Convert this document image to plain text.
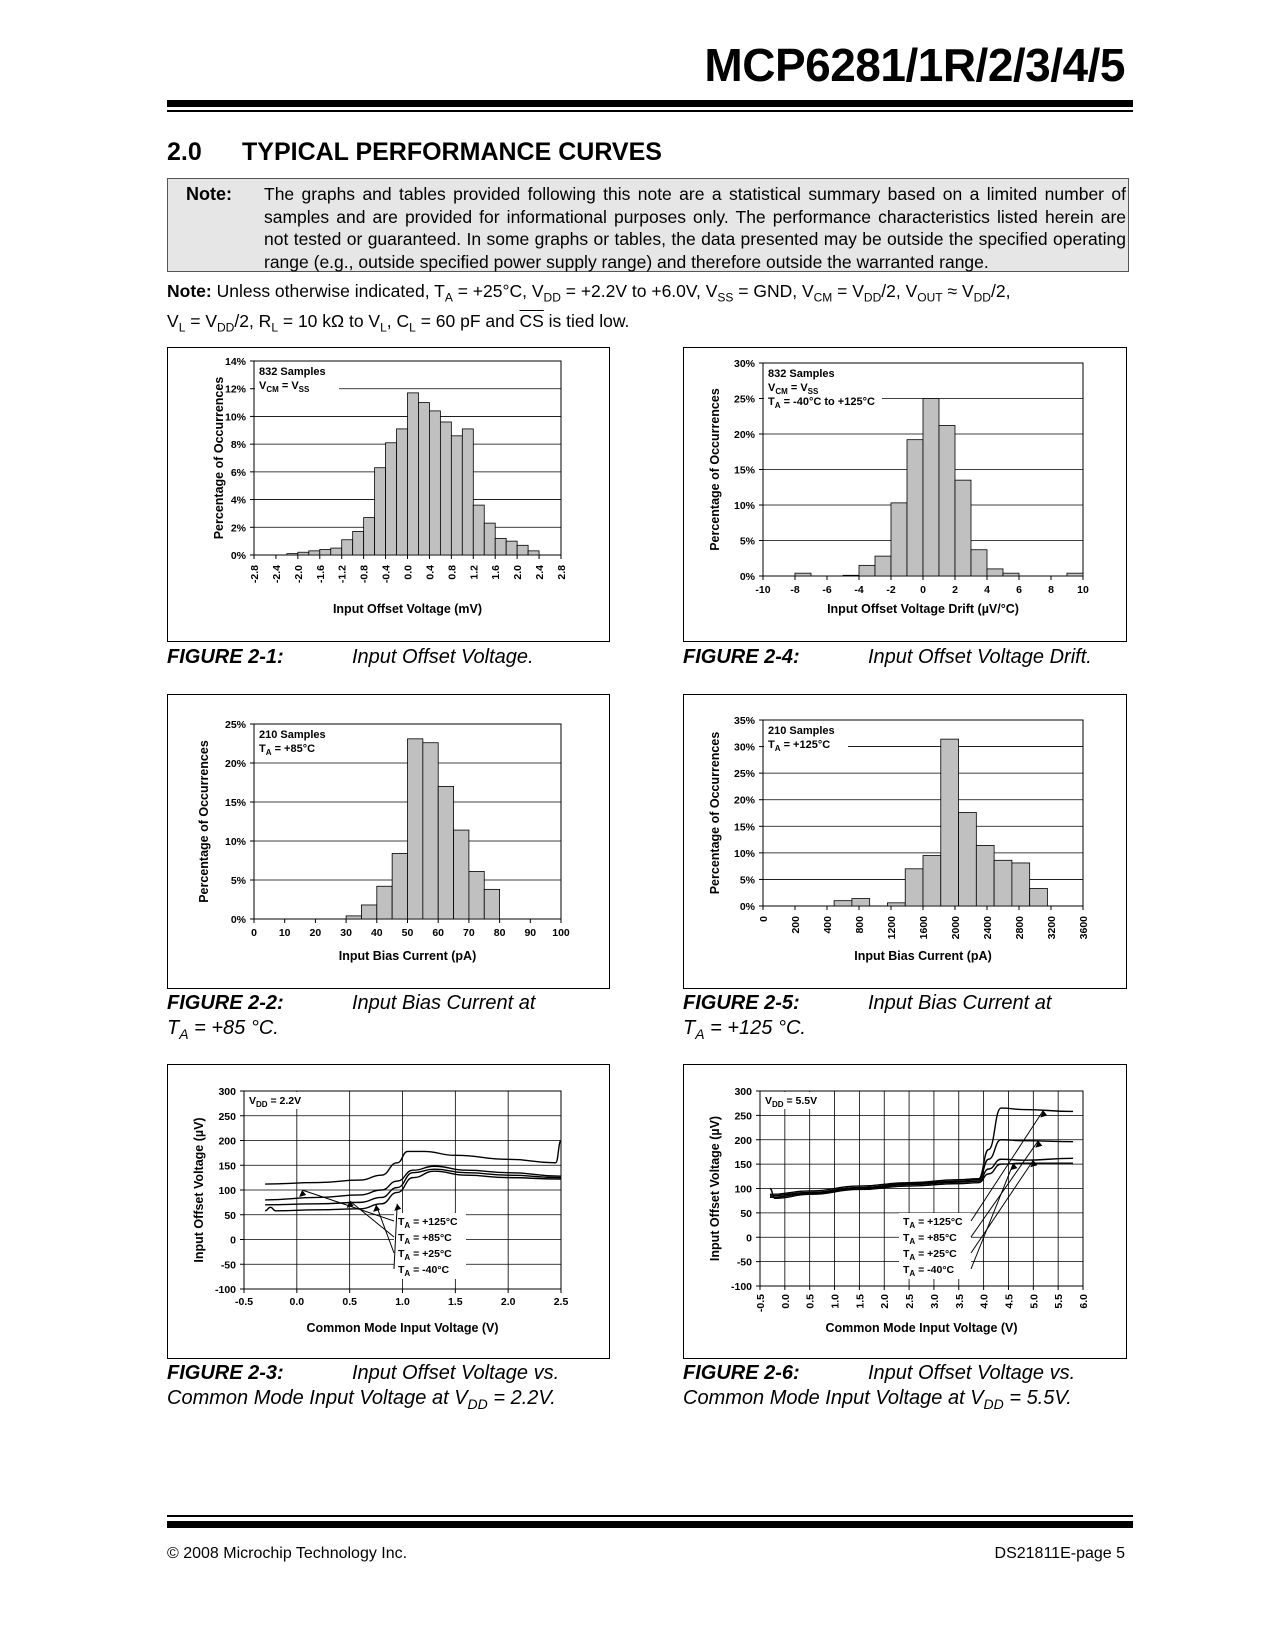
MCP6281/1R/2/3/4/5
2.0 TYPICAL PERFORMANCE CURVES
Note: The graphs and tables provided following this note are a statistical summary based on a limited number of samples and are provided for informational purposes only. The performance characteristics listed herein are not tested or guaranteed. In some graphs or tables, the data presented may be outside the specified operating range (e.g., outside specified power supply range) and therefore outside the warranted range.
Note: Unless otherwise indicated, $T_A = +25^\circ C$, $V_{DD} = +2.2V$ to +6.0V, $V_{SS}$ = GND, $V_{CM} = V_{DD}/2$, $V_{OUT} \approx V_{DD}/2$,
$V_L = V_{DD}/2$, $R_L = 10$ kΩ to $V_L$, $C_L = 60$ pF and $\overline{CS}$ is tied low.
0%
2%
4%
6%
8%
10%
12%
14%
-2.8 -2.4 -2.0 -1.6 -1.2 -0.8 -0.4 0.0 0.4 0.8 1.2 1.6 2.0 2.4 2.8
Input Offset Voltage (mV)
Percentage of Occurrences
832 Samples
$V_{CM} = V_{SS}$
0%
5%
10%
15%
20%
25%
30%
-10 -8 -6 -4 -2 0 2 4 6 8 10
Input Offset Voltage Drift (µV/°C)
Percentage of Occurrences
832 Samples
$V_{CM} = V_{SS}$
$T_A = -40^\circ C$ to +125°C
0%
5%
10%
15%
20%
25%
0 10 20 30 40 50 60 70 80 90 100
Input Bias Current (pA)
Percentage of Occurrences
210 Samples
$T_A = +85^\circ C$
0%
5%
10%
15%
20%
25%
30%
35%
0 200 400 800 1200 1600 2000 2400 2800 3200 3600
Input Bias Current (pA)
Percentage of Occurrences
210 Samples
$T_A = +125^\circ C$
-100
-50
0
50
100
150
200
250
300
-0.5	0.0	0.5	1.0	1.5	2.0	2.5
Common Mode Input Voltage (V)
Input Offset Voltage (µV)
$V_{DD} = 2.2V$
$T_A = +125^\circ C$
$T_A = +85^\circ C$
$T_A = +25^\circ C$
$T_A = -40^\circ C$
-100
-50
0
50
100
150
200
250
300
-0.5 0.0 0.5 1.0 1.5 2.0 2.5 3.0 3.5 4.0 4.5 5.0 5.5 6.0
Common Mode Input Voltage (V)
Input Offset Voltage (µV)
$V_{DD} = 5.5V$
$T_A = +125^\circ C$
$T_A = +85^\circ C$
$T_A = +25^\circ C$
$T_A = -40^\circ C$
FIGURE 2-1:	Input Offset Voltage.	FIGURE 2-4:	Input Offset Voltage Drift.
FIGURE 2-2:	Input Bias Current at
$T_A = +85$ °C.
FIGURE 2-5:	Input Bias Current at
$T_A = +125$ °C.
FIGURE 2-3:	Input Offset Voltage vs.
Common Mode Input Voltage at $V_{DD} = 2.2V$.
FIGURE 2-6:	Input Offset Voltage vs.
Common Mode Input Voltage at $V_{DD} = 5.5V$.
© 2008 Microchip Technology Inc.	DS21811E-page 5
